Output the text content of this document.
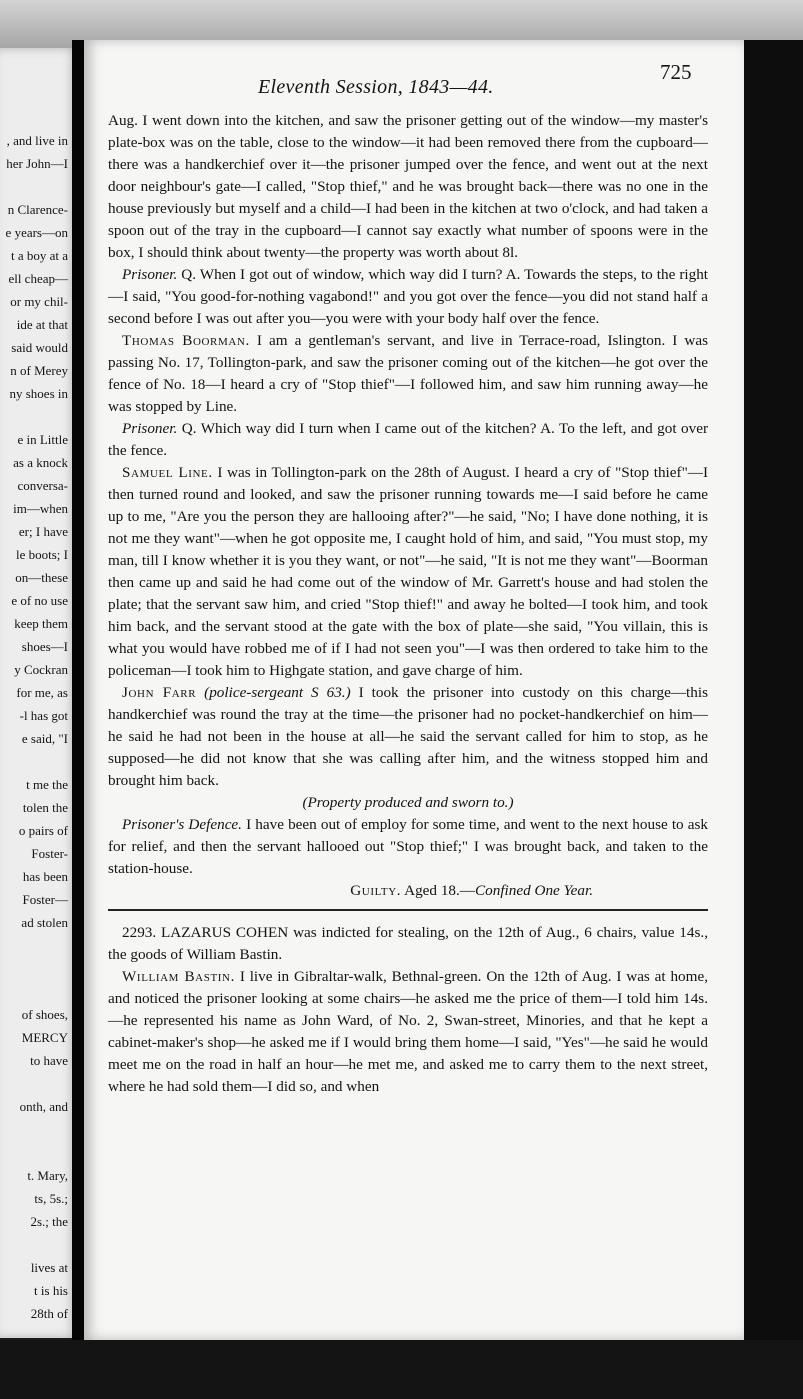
, and live in
her John—I
n Clarence-
e years—on
t a boy at a
ell cheap—
or my chil-
ide at that
said would
n of Merey
ny shoes in
e in Little
as a knock
conversa-
im—when
er; I have
le boots; I
on—these
e of no use
keep them
shoes—I
y Cockran
for me, as
-l has got
e said, "I
t me the
tolen the
o pairs of
Foster-
has been
Foster—
ad stolen
of shoes,
MERCY
to have
onth, and
t. Mary,
ts, 5s.;
2s.; the
lives at
t is his
28th of
Eleventh Session, 1843—44.
725

Aug. I went down into the kitchen, and saw the prisoner getting out of the window—my master's plate-box was on the table, close to the window—it had been removed there from the cupboard—there was a handkerchief over it—the prisoner jumped over the fence, and went out at the next door neighbour's gate—I called, "Stop thief," and he was brought back—there was no one in the house previously but myself and a child—I had been in the kitchen at two o'clock, and had taken a spoon out of the tray in the cupboard—I cannot say exactly what number of spoons were in the box, I should think about twenty—the property was worth about 8l.

Prisoner. Q. When I got out of window, which way did I turn? A. Towards the steps, to the right—I said, "You good-for-nothing vagabond!" and you got over the fence—you did not stand half a second before I was out after you—you were with your body half over the fence.

Thomas Boorman. I am a gentleman's servant, and live in Terrace-road, Islington. I was passing No. 17, Tollington-park, and saw the prisoner coming out of the kitchen—he got over the fence of No. 18—I heard a cry of "Stop thief"—I followed him, and saw him running away—he was stopped by Line.

Prisoner. Q. Which way did I turn when I came out of the kitchen? A. To the left, and got over the fence.

Samuel Line. I was in Tollington-park on the 28th of August. I heard a cry of "Stop thief"—I then turned round and looked, and saw the prisoner running towards me—I said before he came up to me, "Are you the person they are hallooing after?"—he said, "No; I have done nothing, it is not me they want"—when he got opposite me, I caught hold of him, and said, "You must stop, my man, till I know whether it is you they want, or not"—he said, "It is not me they want"—Boorman then came up and said he had come out of the window of Mr. Garrett's house and had stolen the plate; that the servant saw him, and cried "Stop thief!" and away he bolted—I took him, and took him back, and the servant stood at the gate with the box of plate—she said, "You villain, this is what you would have robbed me of if I had not seen you"—I was then ordered to take him to the policeman—I took him to Highgate station, and gave charge of him.

John Farr (police-sergeant S 63.) I took the prisoner into custody on this charge—this handkerchief was round the tray at the time—the prisoner had no pocket-handkerchief on him—he said he had not been in the house at all—he said the servant called for him to stop, as he supposed—he did not know that she was calling after him, and the witness stopped him and brought him back.

(Property produced and sworn to.)

Prisoner's Defence. I have been out of employ for some time, and went to the next house to ask for relief, and then the servant hallooed out "Stop thief;" I was brought back, and taken to the station-house.

Guilty. Aged 18.—Confined One Year.

2293. LAZARUS COHEN was indicted for stealing, on the 12th of Aug., 6 chairs, value 14s., the goods of William Bastin.

William Bastin. I live in Gibraltar-walk, Bethnal-green. On the 12th of Aug. I was at home, and noticed the prisoner looking at some chairs—he asked me the price of them—I told him 14s.—he represented his name as John Ward, of No. 2, Swan-street, Minories, and that he kept a cabinet-maker's shop—he asked me if I would bring them home—I said, "Yes"—he said he would meet me on the road in half an hour—he met me, and asked me to carry them to the next street, where he had sold them—I did so, and when
